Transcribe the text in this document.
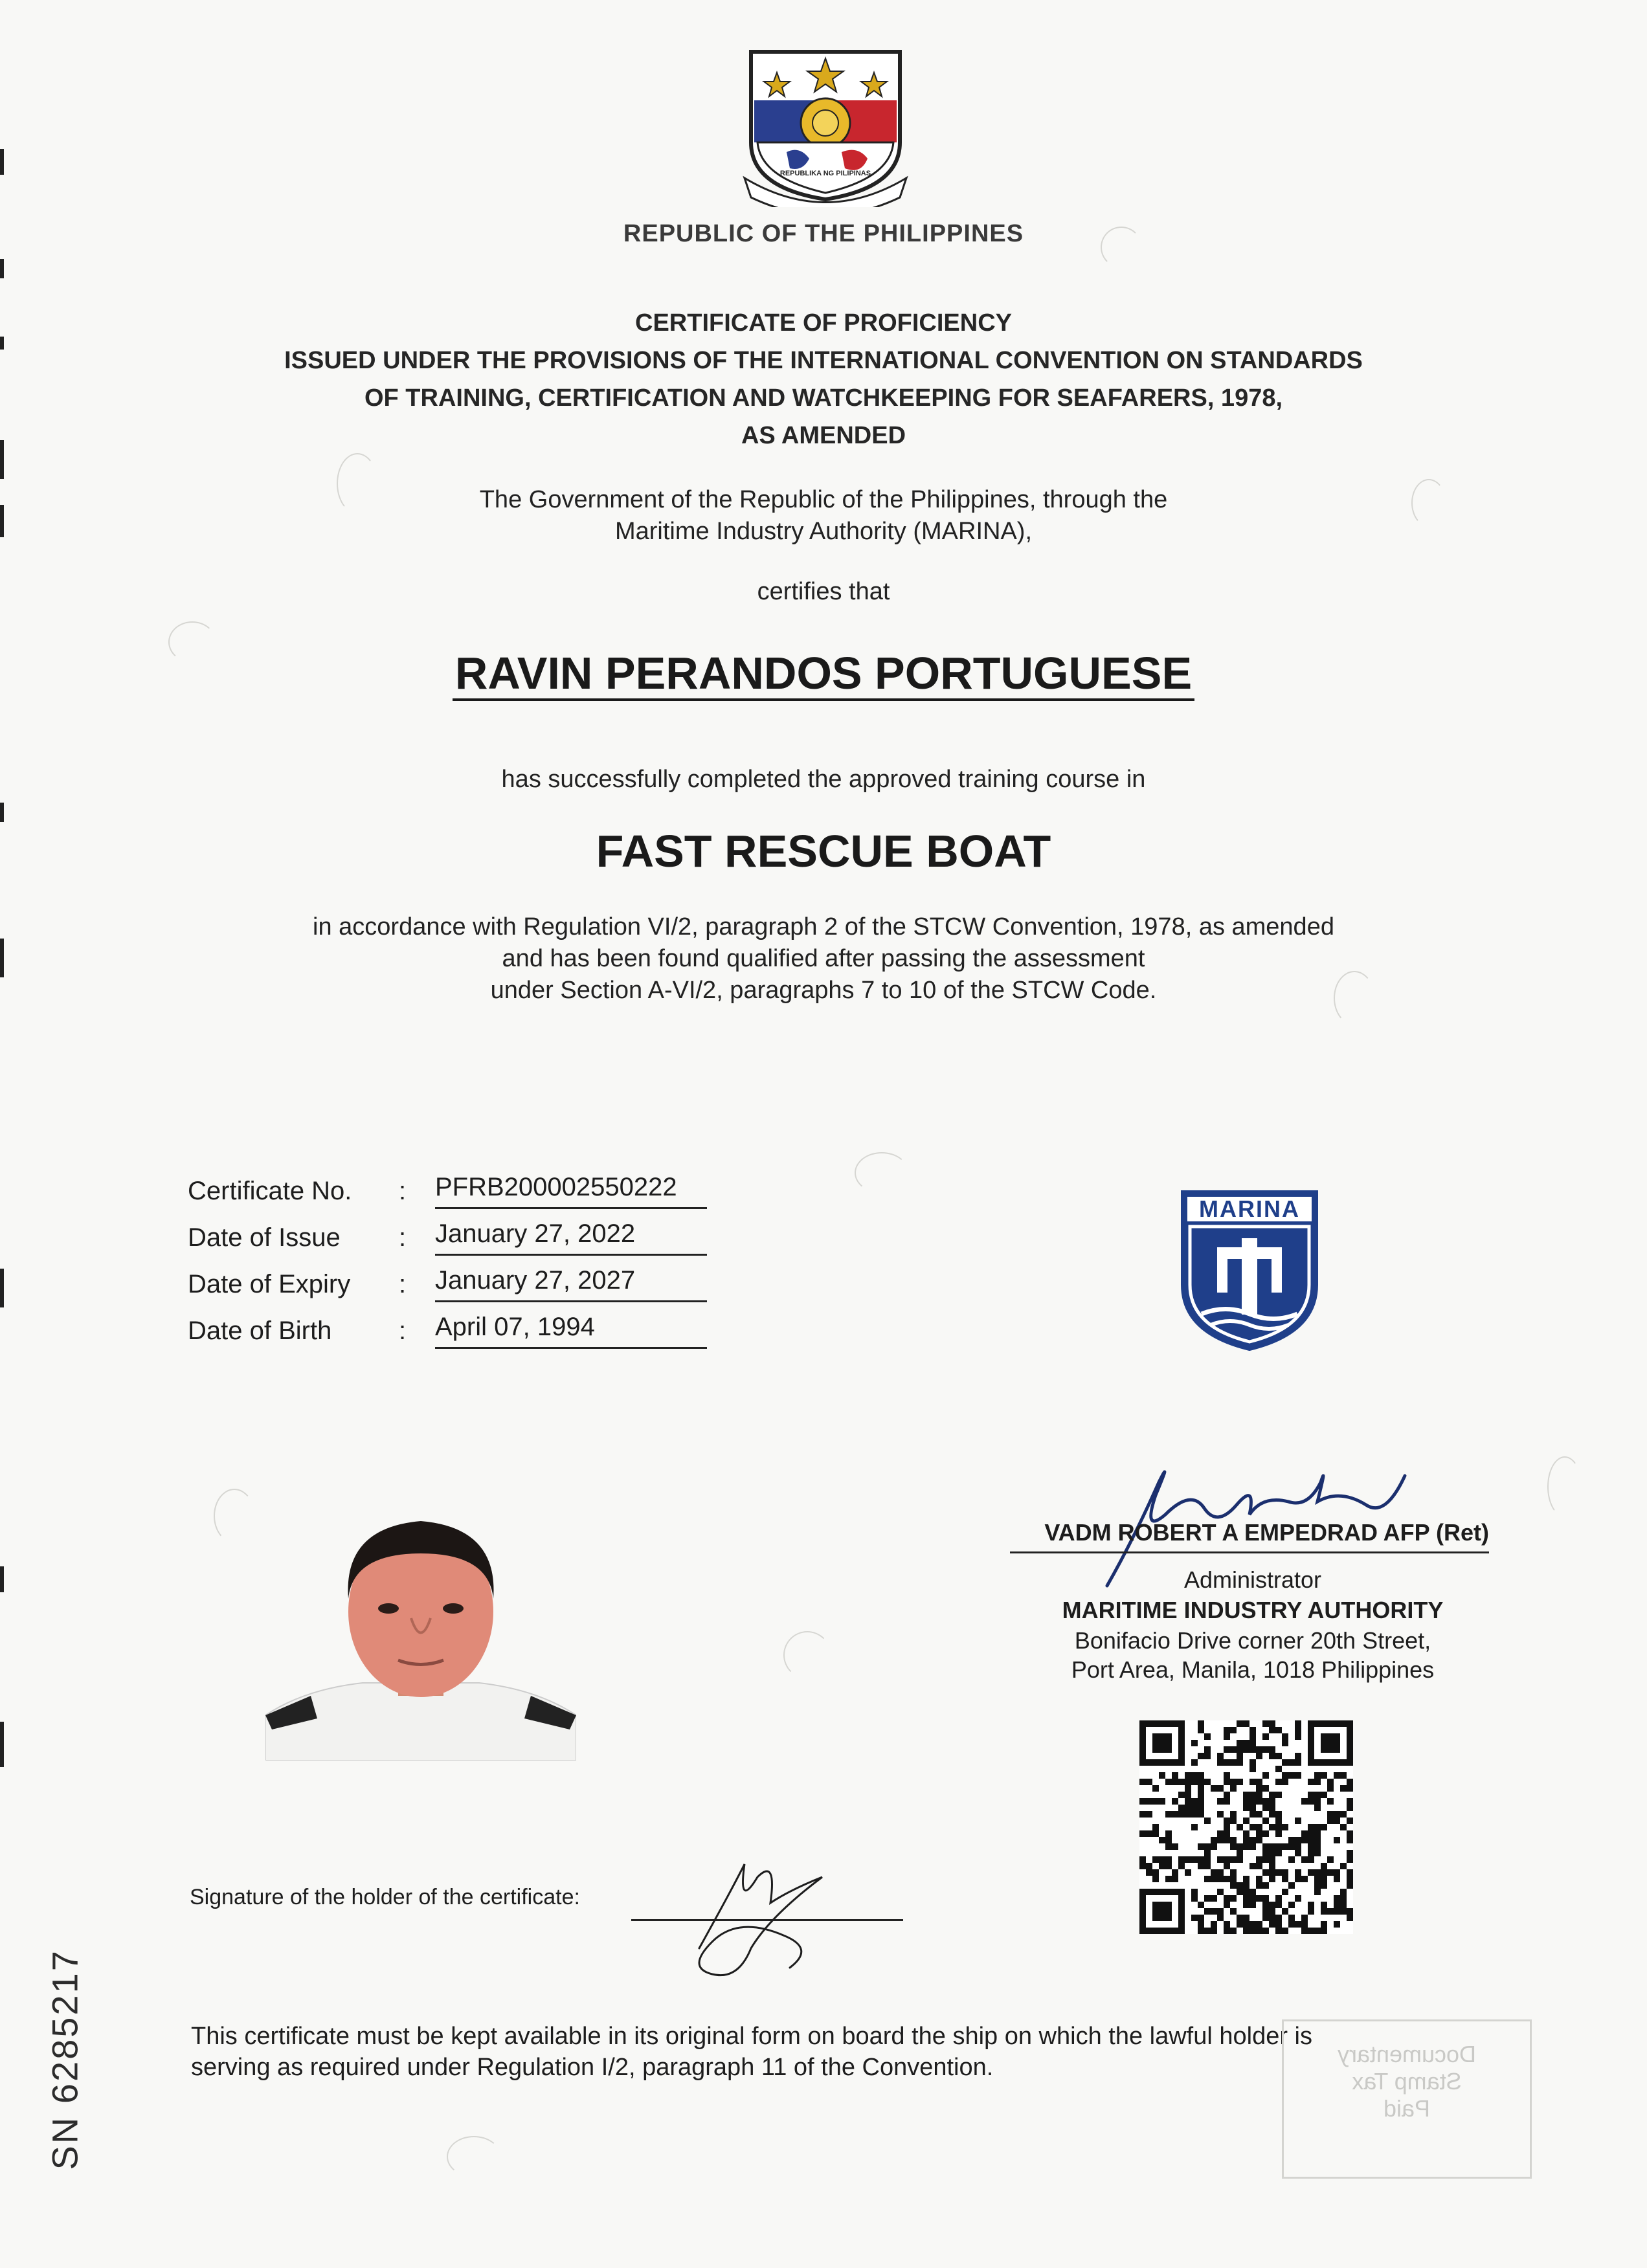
REPUBLIKA NG PILIPINAS
REPUBLIC OF THE PHILIPPINES
CERTIFICATE OF PROFICIENCY
ISSUED UNDER THE PROVISIONS OF THE INTERNATIONAL CONVENTION ON STANDARDS
OF TRAINING, CERTIFICATION AND WATCHKEEPING FOR SEAFARERS, 1978,
AS AMENDED
The Government of the Republic of the Philippines, through the
Maritime Industry Authority (MARINA),
certifies that
RAVIN PERANDOS PORTUGUESE
has successfully completed the approved training course in
FAST RESCUE BOAT
in accordance with Regulation VI/2, paragraph 2 of the STCW Convention, 1978, as amended
and has been found qualified after passing the assessment
under Section A-VI/2, paragraphs 7 to 10 of the STCW Code.
Certificate No.	: PFRB200002550222
Date of Issue	: January 27, 2022
Date of Expiry	: January 27, 2027
Date of Birth	: April 07, 1994
MARINA
VADM ROBERT A EMPEDRAD AFP (Ret)
Administrator
MARITIME INDUSTRY AUTHORITY
Bonifacio Drive corner 20th Street,
Port Area, Manila, 1018 Philippines
Signature of the holder of the certificate:
This certificate must be kept available in its original form on board the ship on which the lawful holder is
serving as required under Regulation I/2, paragraph 11 of the Convention.	Documentary
Stamp Tax
Paid
SN 6285217
